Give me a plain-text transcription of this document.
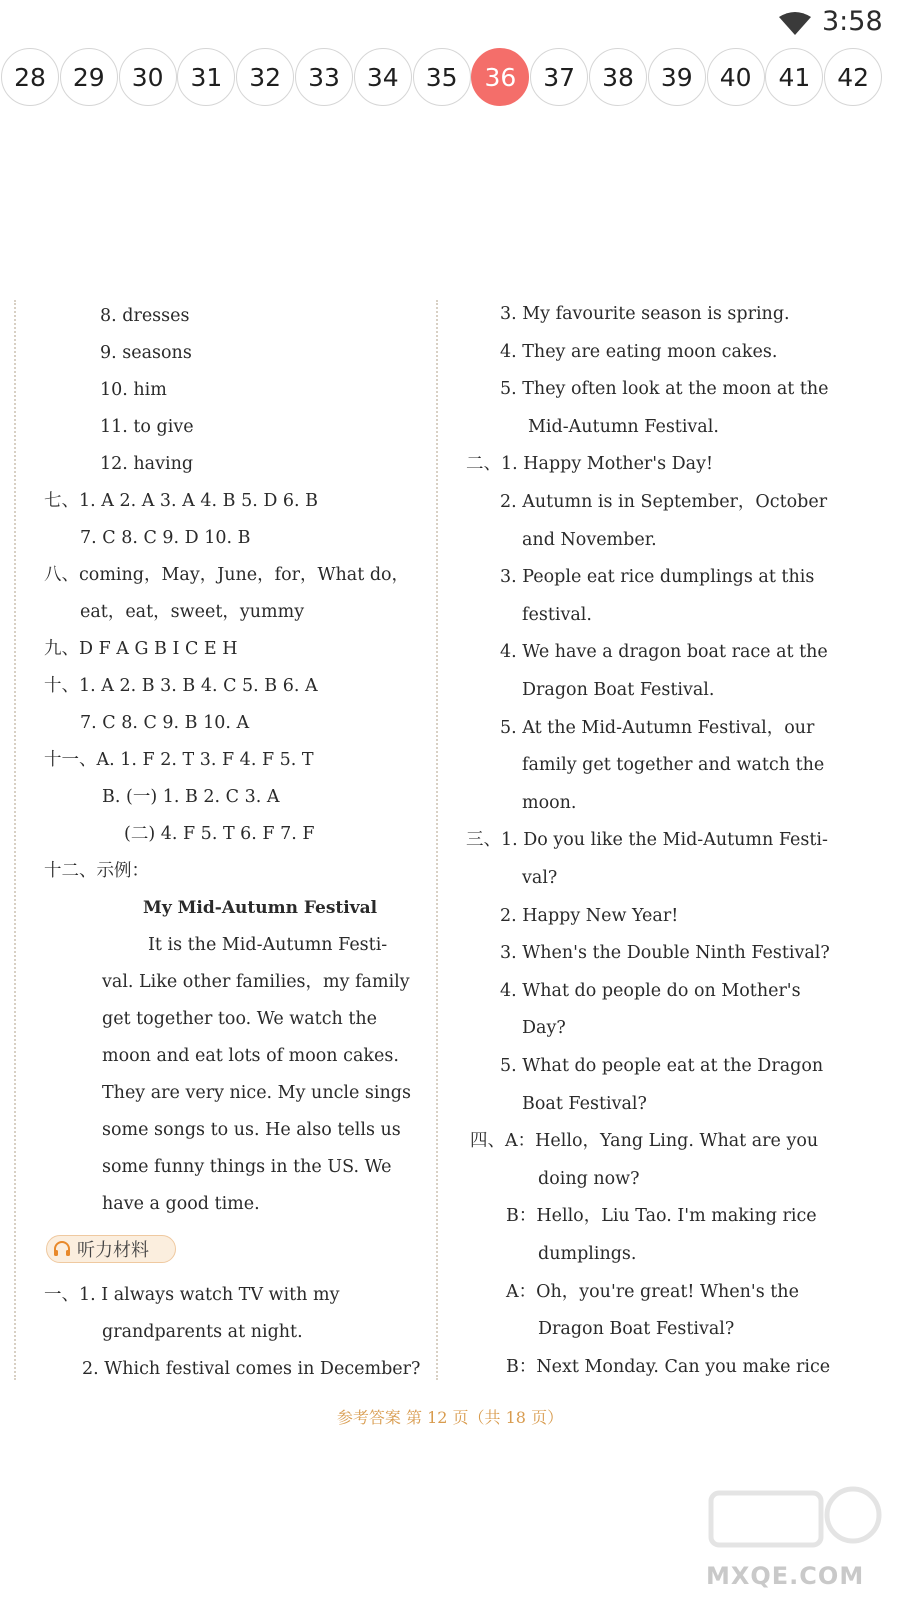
3:58
28	29	30	31	32	33	34	35	36	37	38	39	40	41	42
8. dresses
9. seasons
10. him
11. to give
12. having
七、1. A 2. A 3. A 4. B 5. D 6. B
7. C 8. C 9. D 10. B
八、coming，May，June，for，What do，
eat，eat，sweet，yummy
九、D F A G B I C E H
十、1. A 2. B 3. B 4. C 5. B 6. A
7. C 8. C 9. B 10. A
十一、A. 1. F 2. T 3. F 4. F 5. T
B. (一) 1. B 2. C 3. A
(二) 4. F 5. T 6. F 7. F
十二、示例：
My Mid-Autumn Festival
It is the Mid-Autumn Festi-
val. Like other families，my family
get together too. We watch the
moon and eat lots of moon cakes.
They are very nice. My uncle sings
some songs to us. He also tells us
some funny things in the US. We
have a good time.
听力材料
一、1. I always watch TV with my
grandparents at night.
2. Which festival comes in December?
3. My favourite season is spring.
4. They are eating moon cakes.
5. They often look at the moon at the
Mid-Autumn Festival.
二、1. Happy Mother's Day!
2. Autumn is in September，October
and November.
3. People eat rice dumplings at this
festival.
4. We have a dragon boat race at the
Dragon Boat Festival.
5. At the Mid-Autumn Festival，our
family get together and watch the
moon.
三、1. Do you like the Mid-Autumn Festi-
val?
2. Happy New Year!
3. When's the Double Ninth Festival?
4. What do people do on Mother's
Day?
5. What do people eat at the Dragon
Boat Festival?
四、A：Hello，Yang Ling. What are you
doing now?
B：Hello，Liu Tao. I'm making rice
dumplings.
A：Oh，you're great! When's the
Dragon Boat Festival?
B：Next Monday. Can you make rice
参考答案 第 12 页（共 18 页）
MXQE.COM
